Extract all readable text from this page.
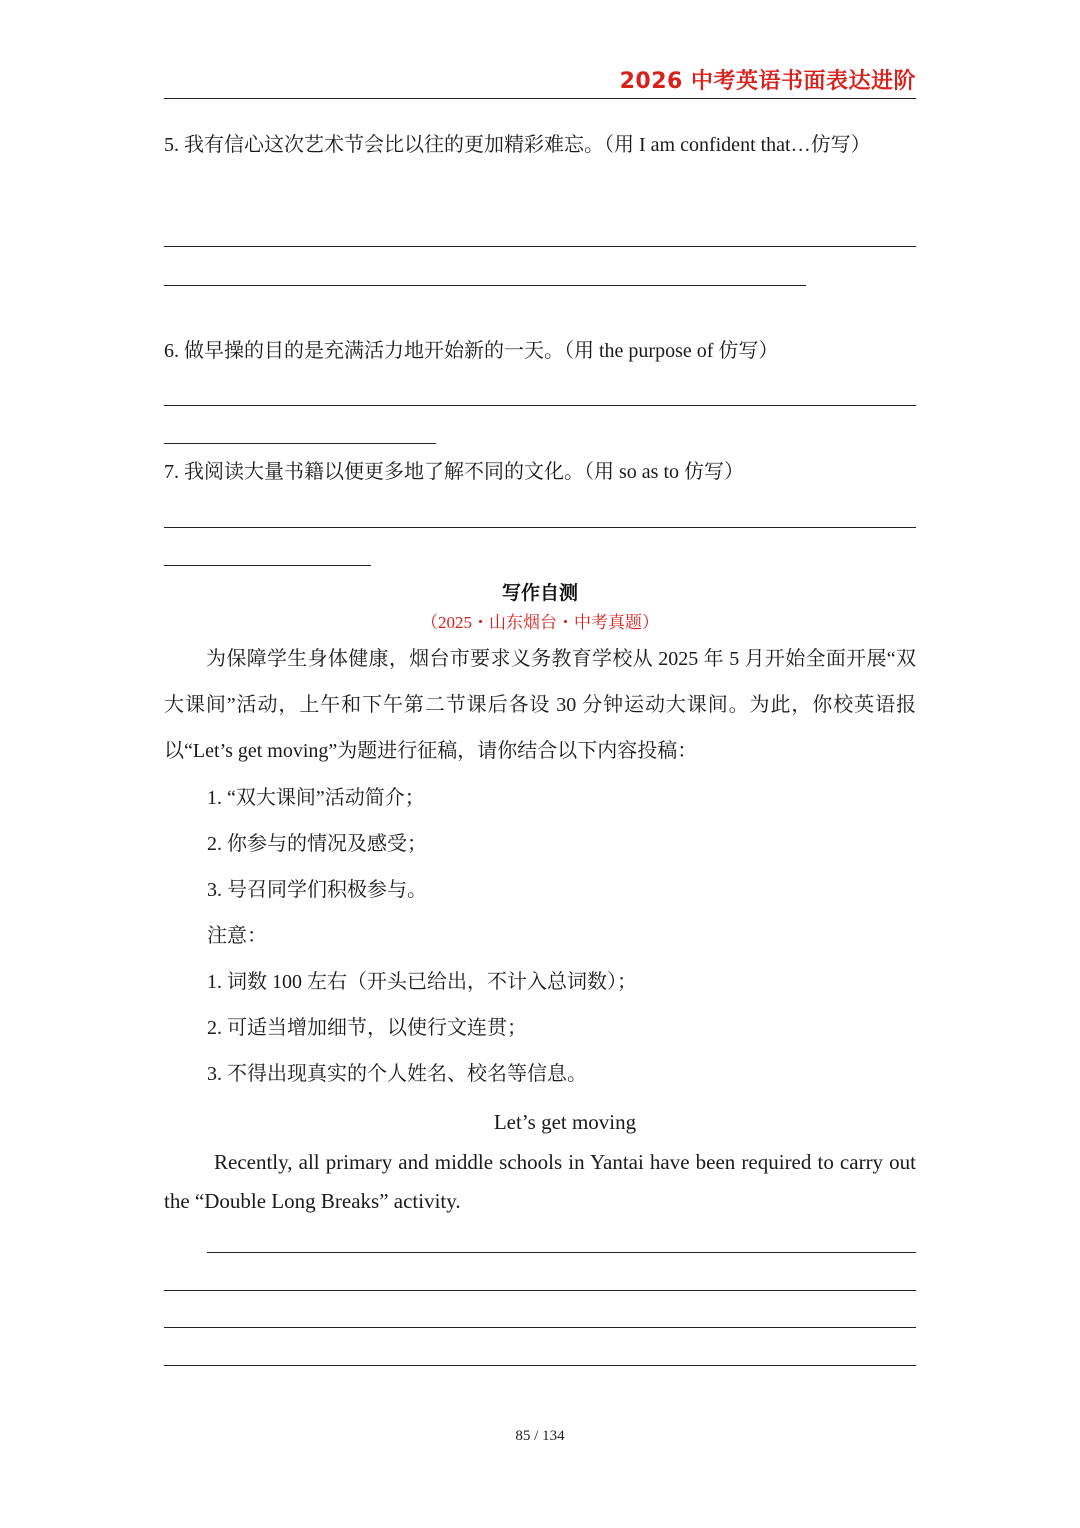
2026 中考英语书面表达进阶
5. 我有信心这次艺术节会比以往的更加精彩难忘。（用 I am confident that…仿写）
6. 做早操的目的是充满活力地开始新的一天。（用 the purpose of 仿写）
7. 我阅读大量书籍以便更多地了解不同的文化。（用 so as to 仿写）
写作自测
（2025・山东烟台・中考真题）
为保障学生身体健康，烟台市要求义务教育学校从 2025 年 5 月开始全面开展“双大课间”活动，上午和下午第二节课后各设 30 分钟运动大课间。为此，你校英语报以“Let’s get moving”为题进行征稿，请你结合以下内容投稿：
1. “双大课间”活动简介；
2. 你参与的情况及感受；
3. 号召同学们积极参与。
注意：
1. 词数 100 左右（开头已给出，不计入总词数）；
2. 可适当增加细节，以使行文连贯；
3. 不得出现真实的个人姓名、校名等信息。
Let’s get moving
Recently, all primary and middle schools in Yantai have been required to carry out the “Double Long Breaks” activity.
85 / 134
